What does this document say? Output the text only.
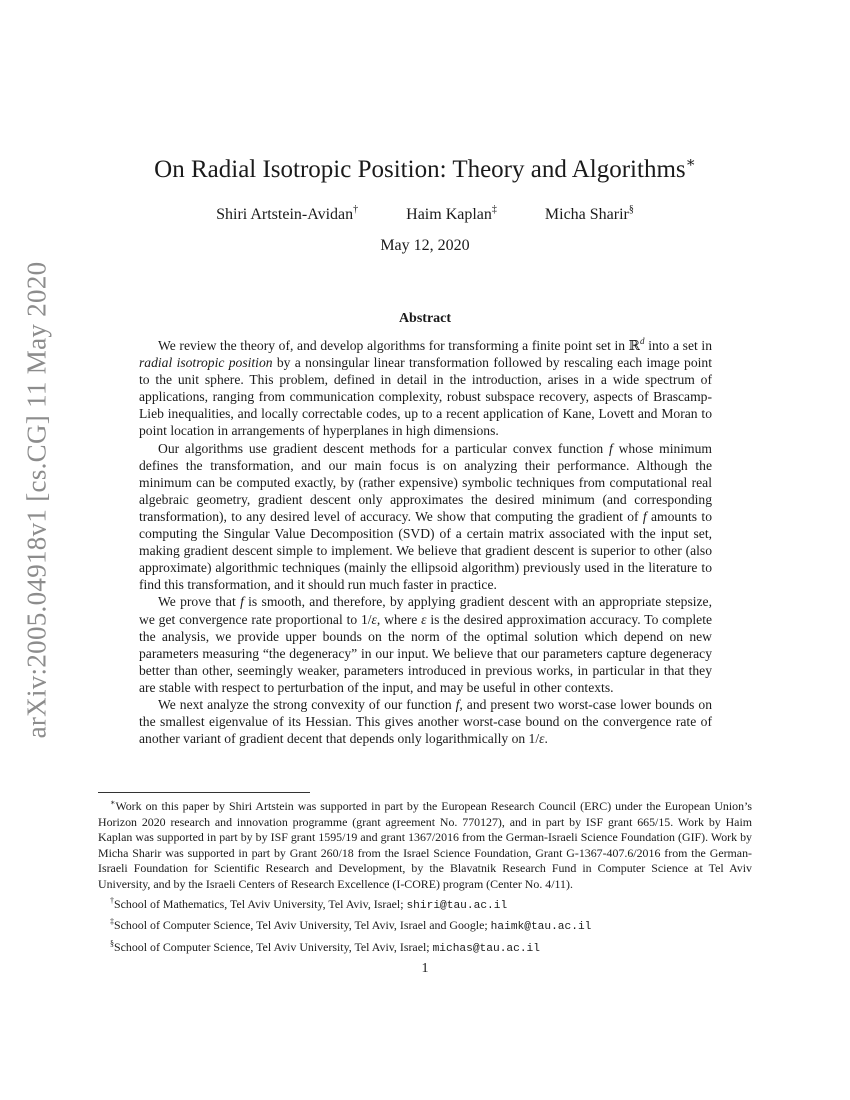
arXiv:2005.04918v1 [cs.CG] 11 May 2020
On Radial Isotropic Position: Theory and Algorithms∗
Shiri Artstein-Avidan†	Haim Kaplan‡	Micha Sharir§
May 12, 2020
Abstract

We review the theory of, and develop algorithms for transforming a finite point set in ℝ$^d$ into a set in radial isotropic position by a nonsingular linear transformation followed by rescaling each image point to the unit sphere. This problem, defined in detail in the introduction, arises in a wide spectrum of applications, ranging from communication complexity, robust subspace recovery, aspects of Brascamp-Lieb inequalities, and locally correctable codes, up to a recent application of Kane, Lovett and Moran to point location in arrangements of hyperplanes in high dimensions.

Our algorithms use gradient descent methods for a particular convex function f whose minimum defines the transformation, and our main focus is on analyzing their performance. Although the minimum can be computed exactly, by (rather expensive) symbolic techniques from computational real algebraic geometry, gradient descent only approximates the desired minimum (and corresponding transformation), to any desired level of accuracy. We show that computing the gradient of f amounts to computing the Singular Value Decomposition (SVD) of a certain matrix associated with the input set, making gradient descent simple to implement. We believe that gradient descent is superior to other (also approximate) algorithmic techniques (mainly the ellipsoid algorithm) previously used in the literature to find this transformation, and it should run much faster in practice.

We prove that f is smooth, and therefore, by applying gradient descent with an appropriate stepsize, we get convergence rate proportional to 1/ε, where ε is the desired approximation accuracy. To complete the analysis, we provide upper bounds on the norm of the optimal solution which depend on new parameters measuring “the degeneracy” in our input. We believe that our parameters capture degeneracy better than other, seemingly weaker, parameters introduced in previous works, in particular in that they are stable with respect to perturbation of the input, and may be useful in other contexts.

We next analyze the strong convexity of our function f, and present two worst-case lower bounds on the smallest eigenvalue of its Hessian. This gives another worst-case bound on the convergence rate of another variant of gradient decent that depends only logarithmically on 1/ε.

∗Work on this paper by Shiri Artstein was supported in part by the European Research Council (ERC) under the European Union’s Horizon 2020 research and innovation programme (grant agreement No. 770127), and in part by ISF grant 665/15. Work by Haim Kaplan was supported in part by by ISF grant 1595/19 and grant 1367/2016 from the German-Israeli Science Foundation (GIF). Work by Micha Sharir was supported in part by Grant 260/18 from the Israel Science Foundation, Grant G-1367-407.6/2016 from the German-Israeli Foundation for Scientific Research and Development, by the Blavatnik Research Fund in Computer Science at Tel Aviv University, and by the Israeli Centers of Research Excellence (I-CORE) program (Center No. 4/11).

†School of Mathematics, Tel Aviv University, Tel Aviv, Israel; shiri@tau.ac.il

‡School of Computer Science, Tel Aviv University, Tel Aviv, Israel and Google; haimk@tau.ac.il

§School of Computer Science, Tel Aviv University, Tel Aviv, Israel; michas@tau.ac.il

1
